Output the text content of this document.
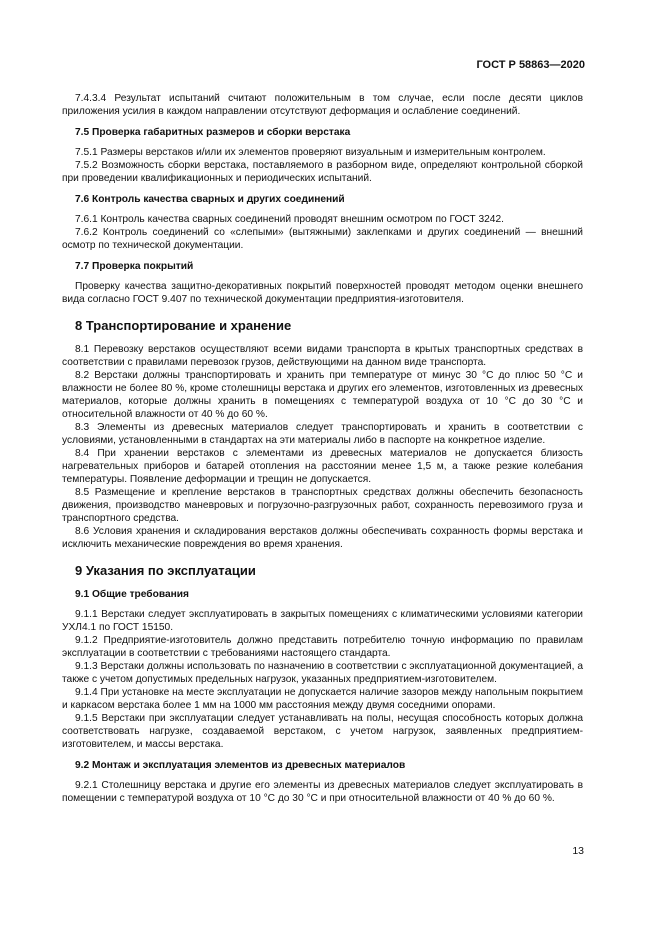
ГОСТ Р 58863—2020
7.4.3.4 Результат испытаний считают положительным в том случае, если после десяти циклов приложения усилия в каждом направлении отсутствуют деформация и ослабление соединений.
7.5 Проверка габаритных размеров и сборки верстака
7.5.1 Размеры верстаков и/или их элементов проверяют визуальным и измерительным контролем.
7.5.2 Возможность сборки верстака, поставляемого в разборном виде, определяют контрольной сборкой при проведении квалификационных и периодических испытаний.
7.6 Контроль качества сварных и других соединений
7.6.1 Контроль качества сварных соединений проводят внешним осмотром по ГОСТ 3242.
7.6.2 Контроль соединений со «слепыми» (вытяжными) заклепками и других соединений — внешний осмотр по технической документации.
7.7 Проверка покрытий
Проверку качества защитно-декоративных покрытий поверхностей проводят методом оценки внешнего вида согласно ГОСТ 9.407 по технической документации предприятия-изготовителя.
8 Транспортирование и хранение
8.1 Перевозку верстаков осуществляют всеми видами транспорта в крытых транспортных средствах в соответствии с правилами перевозок грузов, действующими на данном виде транспорта.
8.2 Верстаки должны транспортировать и хранить при температуре от минус 30 °С до плюс 50 °С и влажности не более 80 %, кроме столешницы верстака и других его элементов, изготовленных из древесных материалов, которые должны хранить в помещениях с температурой воздуха от 10 °С до 30 °С и относительной влажности от 40 % до 60 %.
8.3 Элементы из древесных материалов следует транспортировать и хранить в соответствии с условиями, установленными в стандартах на эти материалы либо в паспорте на конкретное изделие.
8.4 При хранении верстаков с элементами из древесных материалов не допускается близость нагревательных приборов и батарей отопления на расстоянии менее 1,5 м, а также резкие колебания температуры. Появление деформации и трещин не допускается.
8.5 Размещение и крепление верстаков в транспортных средствах должны обеспечить безопасность движения, производство маневровых и погрузочно-разгрузочных работ, сохранность перевозимого груза и транспортного средства.
8.6 Условия хранения и складирования верстаков должны обеспечивать сохранность формы верстака и исключить механические повреждения во время хранения.
9 Указания по эксплуатации
9.1 Общие требования
9.1.1 Верстаки следует эксплуатировать в закрытых помещениях с климатическими условиями категории УХЛ4.1 по ГОСТ 15150.
9.1.2 Предприятие-изготовитель должно представить потребителю точную информацию по правилам эксплуатации в соответствии с требованиями настоящего стандарта.
9.1.3 Верстаки должны использовать по назначению в соответствии с эксплуатационной документацией, а также с учетом допустимых предельных нагрузок, указанных предприятием-изготовителем.
9.1.4 При установке на месте эксплуатации не допускается наличие зазоров между напольным покрытием и каркасом верстака более 1 мм на 1000 мм расстояния между двумя соседними опорами.
9.1.5 Верстаки при эксплуатации следует устанавливать на полы, несущая способность которых должна соответствовать нагрузке, создаваемой верстаком, с учетом нагрузок, заявленных предприятием-изготовителем, и массы верстака.
9.2 Монтаж и эксплуатация элементов из древесных материалов
9.2.1 Столешницу верстака и другие его элементы из древесных материалов следует эксплуатировать в помещении с температурой воздуха от 10 °С до 30 °С и при относительной влажности от 40 % до 60 %.
13
